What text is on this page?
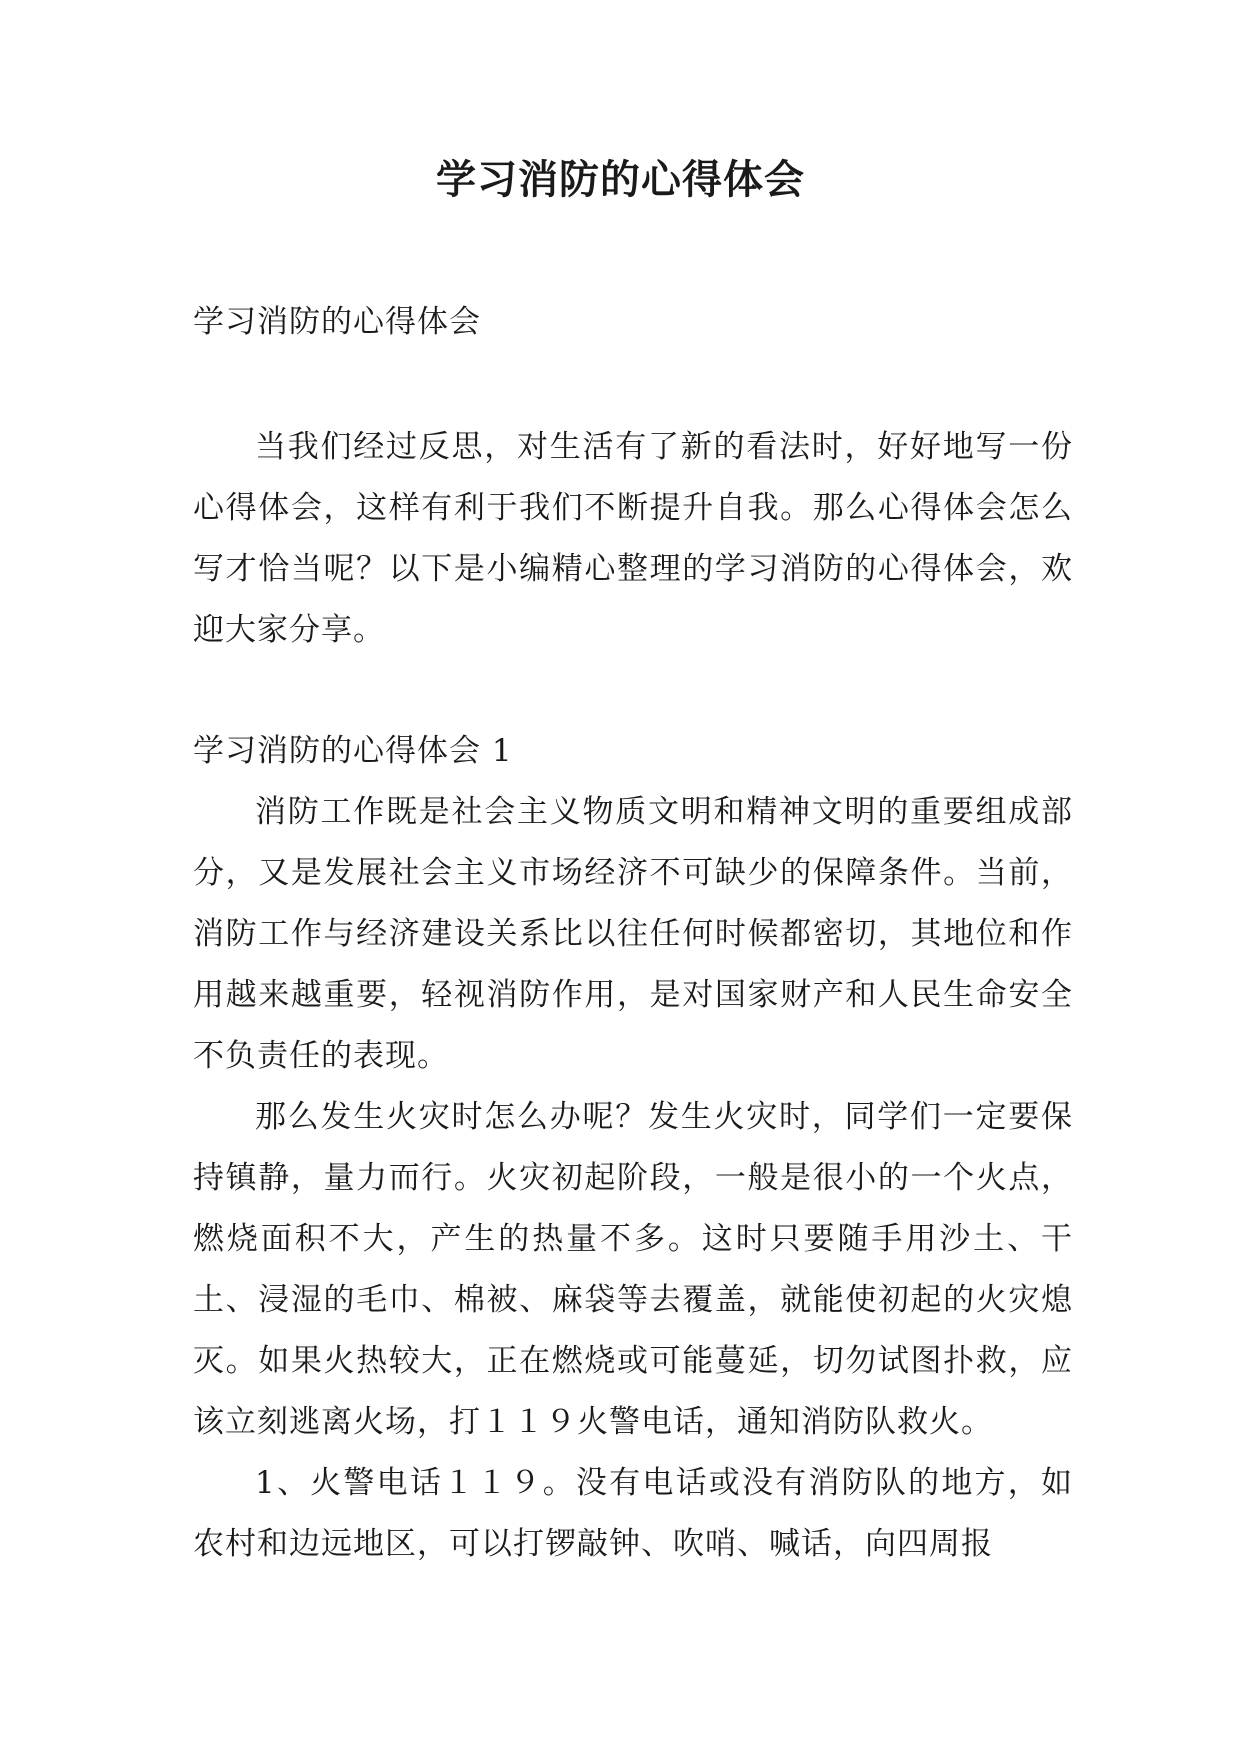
学习消防的心得体会

学习消防的心得体会

当我们经过反思，对生活有了新的看法时，好好地写一份心得体会，这样有利于我们不断提升自我。那么心得体会怎么写才恰当呢？以下是小编精心整理的学习消防的心得体会，欢迎大家分享。

学习消防的心得体会 1

消防工作既是社会主义物质文明和精神文明的重要组成部分，又是发展社会主义市场经济不可缺少的保障条件。当前，消防工作与经济建设关系比以往任何时候都密切，其地位和作用越来越重要，轻视消防作用，是对国家财产和人民生命安全不负责任的表现。

那么发生火灾时怎么办呢？发生火灾时，同学们一定要保持镇静，量力而行。火灾初起阶段，一般是很小的一个火点，燃烧面积不大，产生的热量不多。这时只要随手用沙土、干土、浸湿的毛巾、棉被、麻袋等去覆盖，就能使初起的火灾熄灭。如果火热较大，正在燃烧或可能蔓延，切勿试图扑救，应该立刻逃离火场，打１１９火警电话，通知消防队救火。

1、火警电话１１９。没有电话或没有消防队的地方，如农村和边远地区，可以打锣敲钟、吹哨、喊话，向四周报
